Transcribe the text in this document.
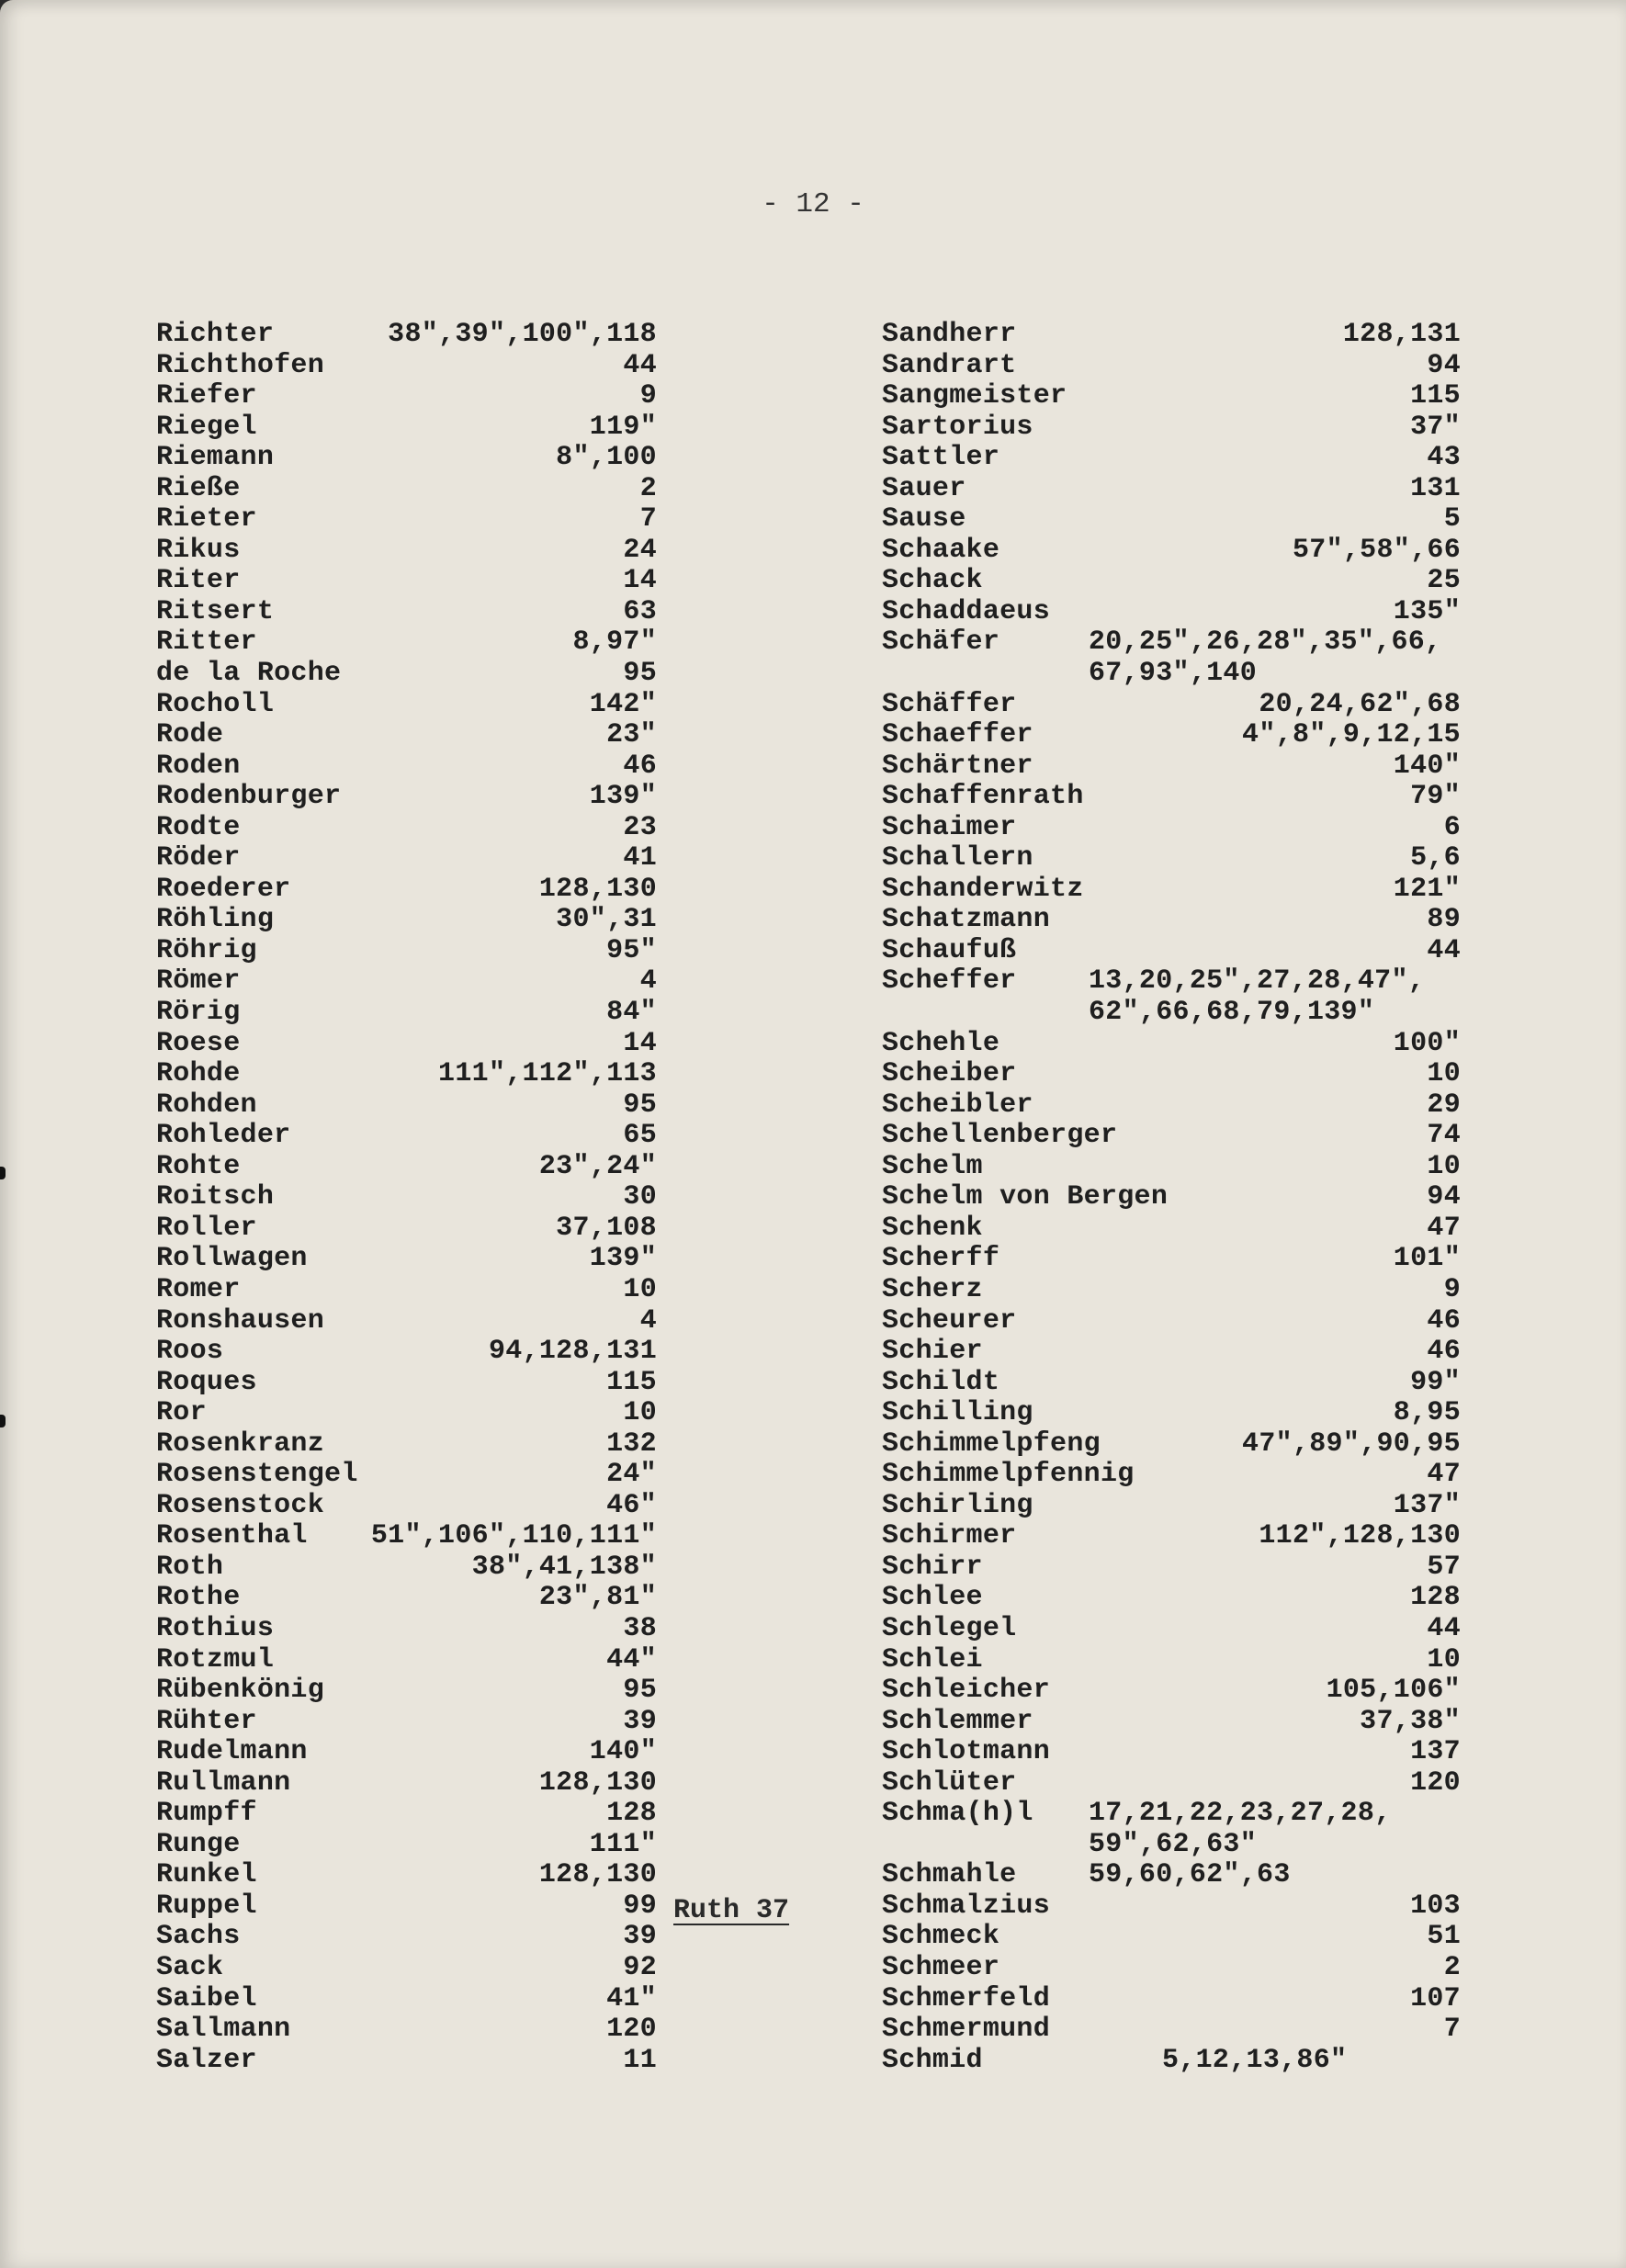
- 12 -
Richter	38",39",100",118
Richthofen	44
Riefer	9
Riegel	119"
Riemann	8",100
Rieße	2
Rieter	7
Rikus	24
Riter	14
Ritsert	63
Ritter	8,97"
de la Roche	95
Rocholl	142"
Rode	23"
Roden	46
Rodenburger	139"
Rodte	23
Röder	41
Roederer	128,130
Röhling	30",31
Röhrig	95"
Römer	4
Rörig	84"
Roese	14
Rohde	111",112",113
Rohden	95
Rohleder	65
Rohte	23",24"
Roitsch	30
Roller	37,108
Rollwagen	139"
Romer	10
Ronshausen	4
Roos	94,128,131
Roques	115
Ror	10
Rosenkranz	132
Rosenstengel	24"
Rosenstock	46"
Rosenthal 51",106",110,111"
Roth	38",41,138"
Rothe	23",81"
Rothius	38
Rotzmul	44"
Rübenkönig	95
Rühter	39
Rudelmann	140"
Rullmann	128,130
Rumpff	128
Runge	111"
Runkel	128,130
Ruppel	99
Sachs	39
Sack	92
Saibel	41"
Sallmann	120
Salzer	11
Sandherr	128,131
Sandrart	94
Sangmeister	115
Sartorius	37"
Sattler	43
Sauer	131
Sause	5
Schaake	57",58",66
Schack	25
Schaddaeus	135"
Schäfer	20,25",26,28",35",66,
67,93",140
Schäffer	20,24,62",68
Schaeffer	4",8",9,12,15
Schärtner	140"
Schaffenrath	79"
Schaimer	6
Schallern	5,6
Schanderwitz	121"
Schatzmann	89
Schaufuß	44
Scheffer	13,20,25",27,28,47",
62",66,68,79,139"
Schehle	100"
Scheiber	10
Scheibler	29
Schellenberger	74
Schelm	10
Schelm von Bergen	94
Schenk	47
Scherff	101"
Scherz	9
Scheurer	46
Schier	46
Schildt	99"
Schilling	8,95
Schimmelpfeng	47",89",90,95
Schimmelpfennig	47
Schirling	137"
Schirmer	112",128,130
Schirr	57
Schlee	128
Schlegel	44
Schlei	10
Schleicher	105,106"
Schlemmer	37,38"
Schlotmann	137
Schlüter	120
Schma(h)l 17,21,22,23,27,28,
59",62,63"
Schmahle	59,60,62",63
Schmalzius	103
Schmeck	51
Schmeer	2
Schmerfeld	107
Schmermund	7
Schmid	5,12,13,86"
Ruth 37
